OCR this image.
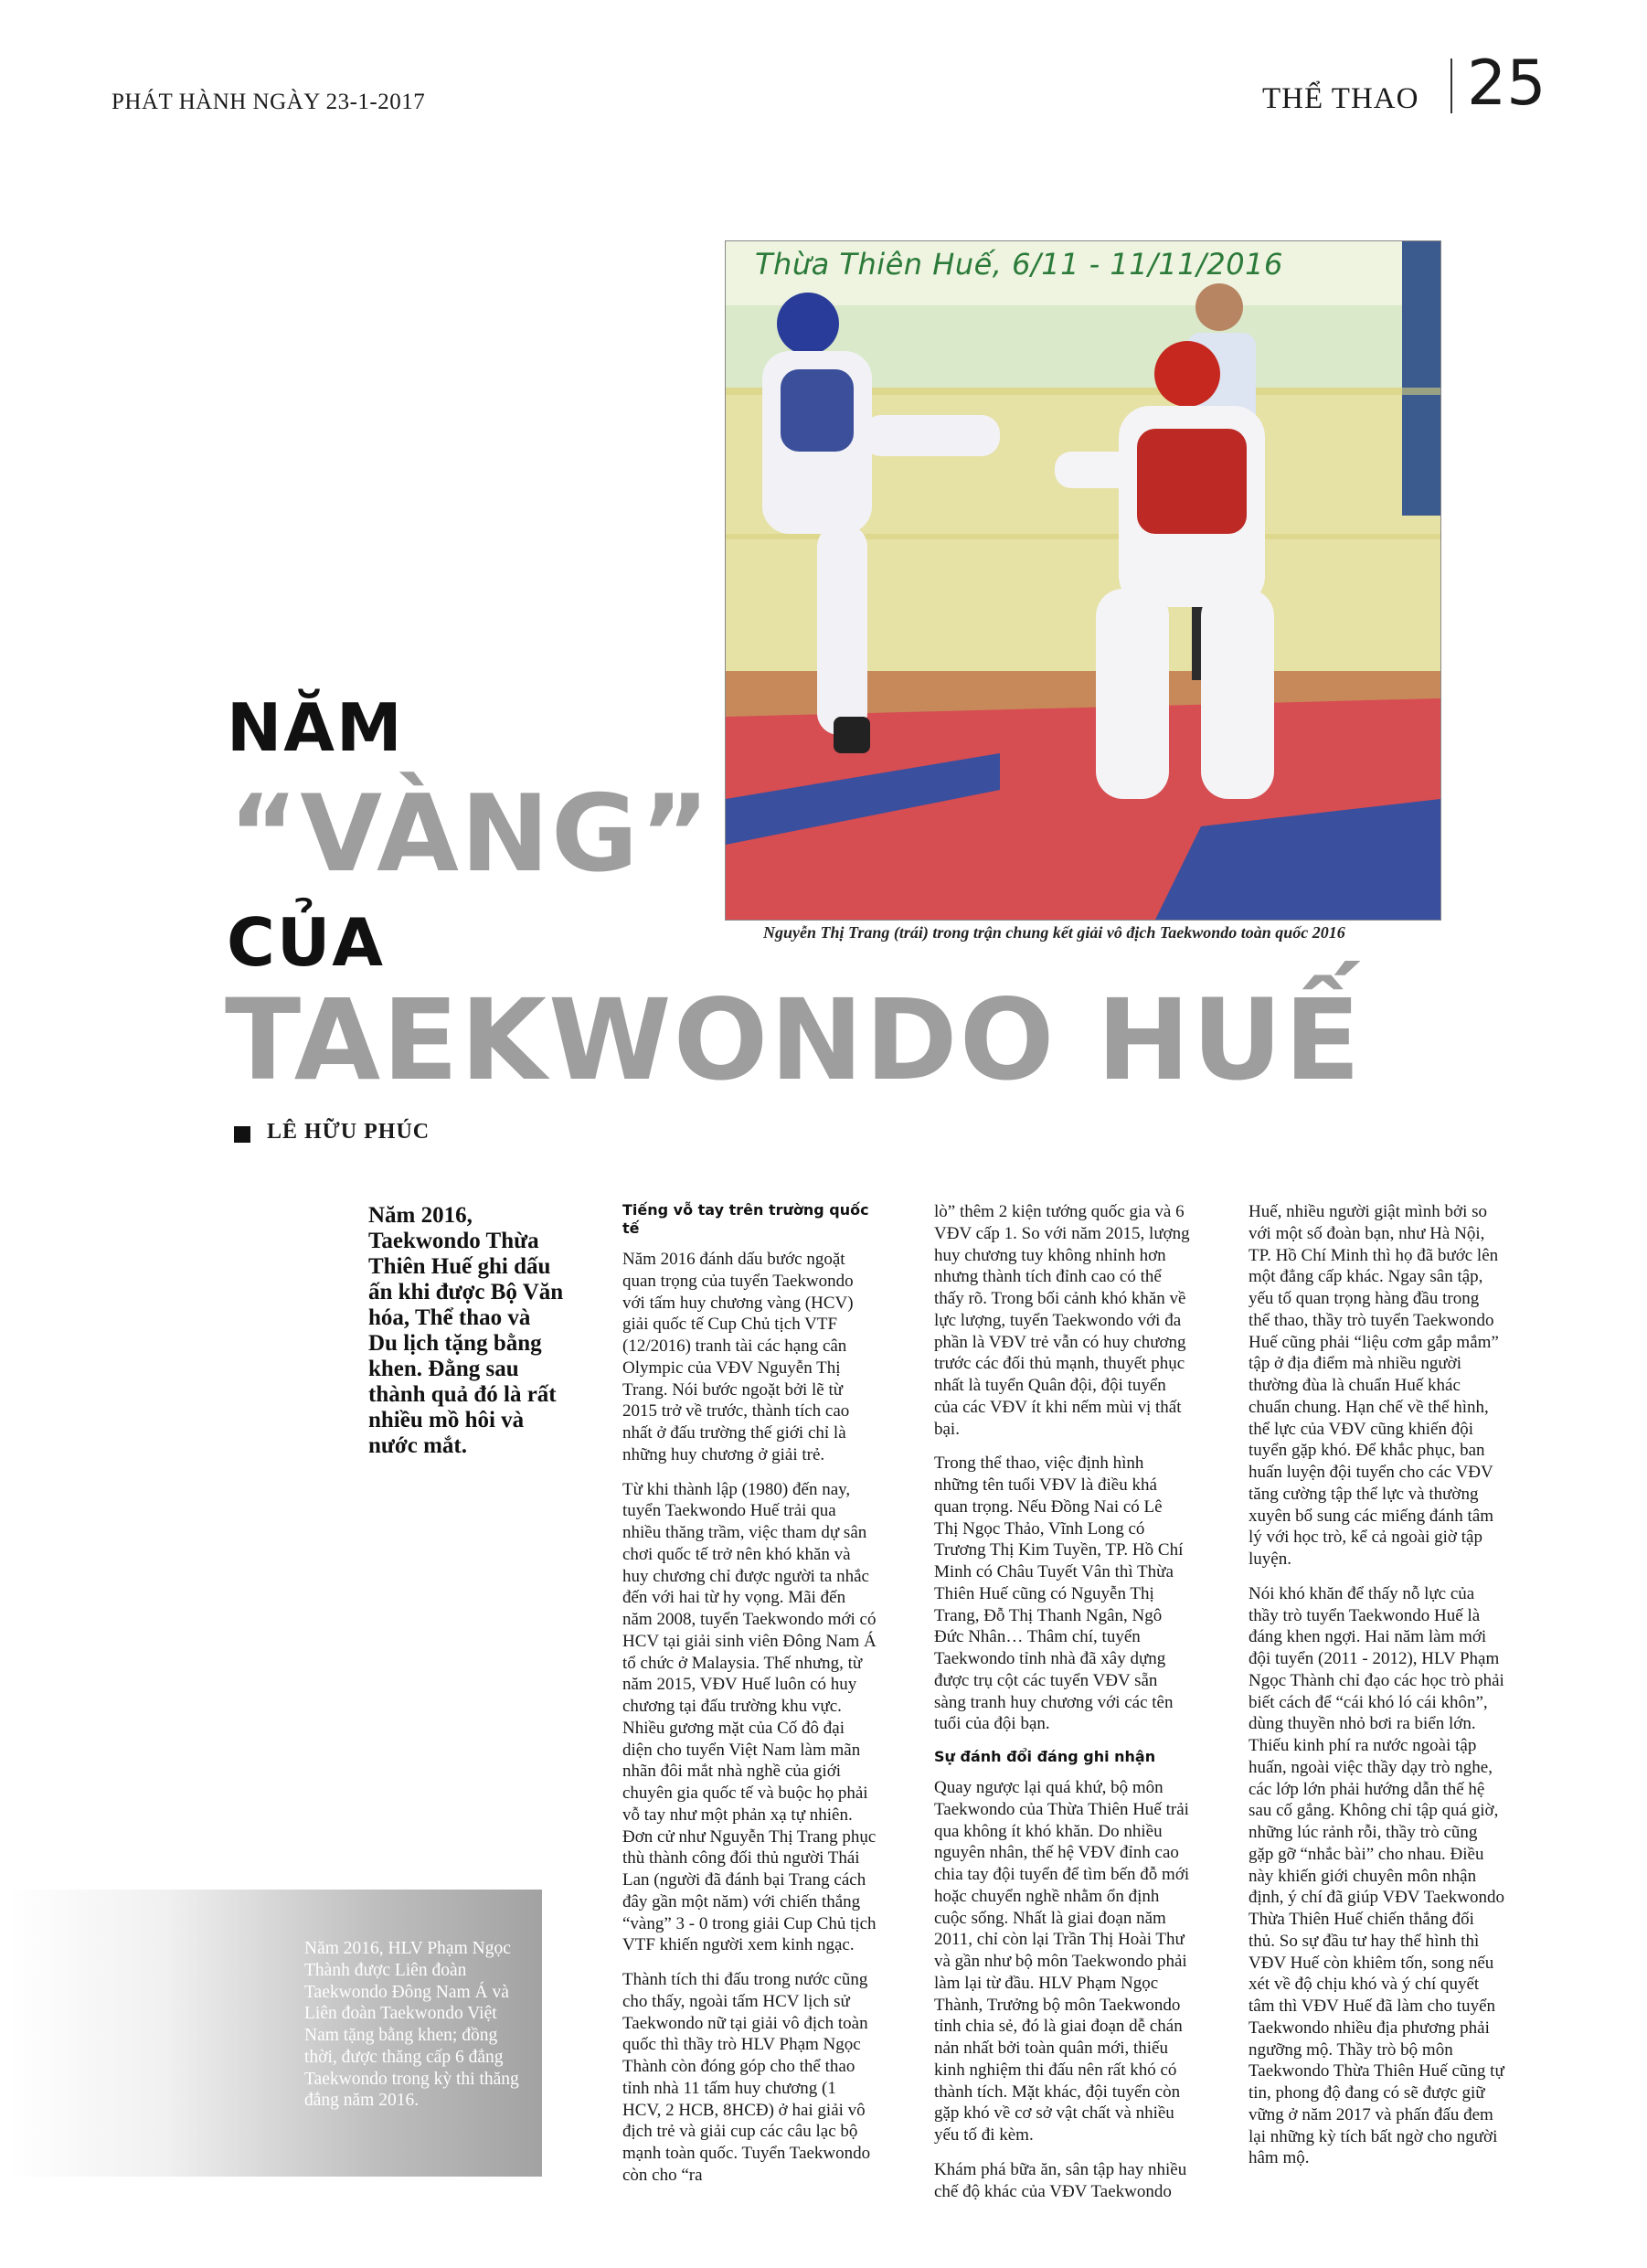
PHÁT HÀNH NGÀY 23-1-2017	THỂ THAO 25
Thừa Thiên Huế, 6/11 - 11/11/2016
Nguyễn Thị Trang (trái) trong trận chung kết giải vô địch Taekwondo toàn quốc 2016
NĂM
“VÀNG”
CỦA
TAEKWONDO HUẾ
LÊ HỮU PHÚC
Năm 2016, Taekwondo Thừa Thiên Huế ghi dấu ấn khi được Bộ Văn hóa, Thể thao và Du lịch tặng bằng khen. Đằng sau thành quả đó là rất nhiều mồ hôi và nước mắt.
Năm 2016, HLV Phạm Ngọc Thành được Liên đoàn Taekwondo Đông Nam Á và Liên đoàn Taekwondo Việt Nam tặng bằng khen; đồng thời, được thăng cấp 6 đẳng Taekwondo trong kỳ thi thăng đẳng năm 2016.
Tiếng vỗ tay trên trường quốc tế

Năm 2016 đánh dấu bước ngoặt quan trọng của tuyển Taekwondo với tấm huy chương vàng (HCV) giải quốc tế Cup Chủ tịch VTF (12/2016) tranh tài các hạng cân Olympic của VĐV Nguyễn Thị Trang. Nói bước ngoặt bởi lẽ từ 2015 trở về trước, thành tích cao nhất ở đấu trường thế giới chỉ là những huy chương ở giải trẻ.

Từ khi thành lập (1980) đến nay, tuyển Taekwondo Huế trải qua nhiều thăng trầm, việc tham dự sân chơi quốc tế trở nên khó khăn và huy chương chỉ được người ta nhắc đến với hai từ hy vọng. Mãi đến năm 2008, tuyển Taekwondo mới có HCV tại giải sinh viên Đông Nam Á tổ chức ở Malaysia. Thế nhưng, từ năm 2015, VĐV Huế luôn có huy chương tại đấu trường khu vực. Nhiều gương mặt của Cố đô đại diện cho tuyển Việt Nam làm mãn nhãn đôi mắt nhà nghề của giới chuyên gia quốc tế và buộc họ phải vỗ tay như một phản xạ tự nhiên. Đơn cử như Nguyễn Thị Trang phục thù thành công đối thủ người Thái Lan (người đã đánh bại Trang cách đây gần một năm) với chiến thắng “vàng” 3 - 0 trong giải Cup Chủ tịch VTF khiến người xem kinh ngạc.

Thành tích thi đấu trong nước cũng cho thấy, ngoài tấm HCV lịch sử Taekwondo nữ tại giải vô địch toàn quốc thì thầy trò HLV Phạm Ngọc Thành còn đóng góp cho thể thao tỉnh nhà 11 tấm huy chương (1 HCV, 2 HCB, 8HCĐ) ở hai giải vô địch trẻ và giải cup các câu lạc bộ mạnh toàn quốc. Tuyển Taekwondo còn cho “ra

lò” thêm 2 kiện tướng quốc gia và 6 VĐV cấp 1. So với năm 2015, lượng huy chương tuy không nhỉnh hơn nhưng thành tích đỉnh cao có thể thấy rõ. Trong bối cảnh khó khăn về lực lượng, tuyển Taekwondo với đa phần là VĐV trẻ vẫn có huy chương trước các đối thủ mạnh, thuyết phục nhất là tuyển Quân đội, đội tuyển của các VĐV ít khi nếm mùi vị thất bại.

Trong thể thao, việc định hình những tên tuổi VĐV là điều khá quan trọng. Nếu Đồng Nai có Lê Thị Ngọc Thảo, Vĩnh Long có Trương Thị Kim Tuyền, TP. Hồ Chí Minh có Châu Tuyết Vân thì Thừa Thiên Huế cũng có Nguyễn Thị Trang, Đỗ Thị Thanh Ngân, Ngô Đức Nhân… Thâm chí, tuyển Taekwondo tỉnh nhà đã xây dựng được trụ cột các tuyển VĐV sẵn sàng tranh huy chương với các tên tuổi của đội bạn.

Sự đánh đổi đáng ghi nhận

Quay ngược lại quá khứ, bộ môn Taekwondo của Thừa Thiên Huế trải qua không ít khó khăn. Do nhiều nguyên nhân, thế hệ VĐV đỉnh cao chia tay đội tuyển để tìm bến đỗ mới hoặc chuyển nghề nhằm ổn định cuộc sống. Nhất là giai đoạn năm 2011, chỉ còn lại Trần Thị Hoài Thư và gần như bộ môn Taekwondo phải làm lại từ đầu. HLV Phạm Ngọc Thành, Trưởng bộ môn Taekwondo tỉnh chia sẻ, đó là giai đoạn dễ chán nản nhất bởi toàn quân mới, thiếu kinh nghiệm thi đấu nên rất khó có thành tích. Mặt khác, đội tuyển còn gặp khó về cơ sở vật chất và nhiều yếu tố đi kèm.

Khám phá bữa ăn, sân tập hay nhiều chế độ khác của VĐV Taekwondo

Huế, nhiều người giật mình bởi so với một số đoàn bạn, như Hà Nội, TP. Hồ Chí Minh thì họ đã bước lên một đẳng cấp khác. Ngay sân tập, yếu tố quan trọng hàng đầu trong thể thao, thầy trò tuyển Taekwondo Huế cũng phải “liệu cơm gắp mắm” tập ở địa điểm mà nhiều người thường đùa là chuẩn Huế khác chuẩn chung. Hạn chế về thể hình, thể lực của VĐV cũng khiến đội tuyển gặp khó. Để khắc phục, ban huấn luyện đội tuyển cho các VĐV tăng cường tập thể lực và thường xuyên bổ sung các miếng đánh tâm lý với học trò, kể cả ngoài giờ tập luyện.

Nói khó khăn để thấy nỗ lực của thầy trò tuyển Taekwondo Huế là đáng khen ngợi. Hai năm làm mới đội tuyển (2011 - 2012), HLV Phạm Ngọc Thành chỉ đạo các học trò phải biết cách để “cái khó ló cái khôn”, dùng thuyền nhỏ bơi ra biển lớn. Thiếu kinh phí ra nước ngoài tập huấn, ngoài việc thầy dạy trò nghe, các lớp lớn phải hướng dẫn thế hệ sau cố gắng. Không chỉ tập quá giờ, những lúc rảnh rỗi, thầy trò cũng gặp gỡ “nhắc bài” cho nhau. Điều này khiến giới chuyên môn nhận định, ý chí đã giúp VĐV Taekwondo Thừa Thiên Huế chiến thắng đối thủ. So sự đầu tư hay thể hình thì VĐV Huế còn khiêm tốn, song nếu xét về độ chịu khó và ý chí quyết tâm thì VĐV Huế đã làm cho tuyển Taekwondo nhiều địa phương phải ngưỡng mộ. Thầy trò bộ môn Taekwondo Thừa Thiên Huế cũng tự tin, phong độ đang có sẽ được giữ vững ở năm 2017 và phấn đấu đem lại những kỳ tích bất ngờ cho người hâm mộ.
